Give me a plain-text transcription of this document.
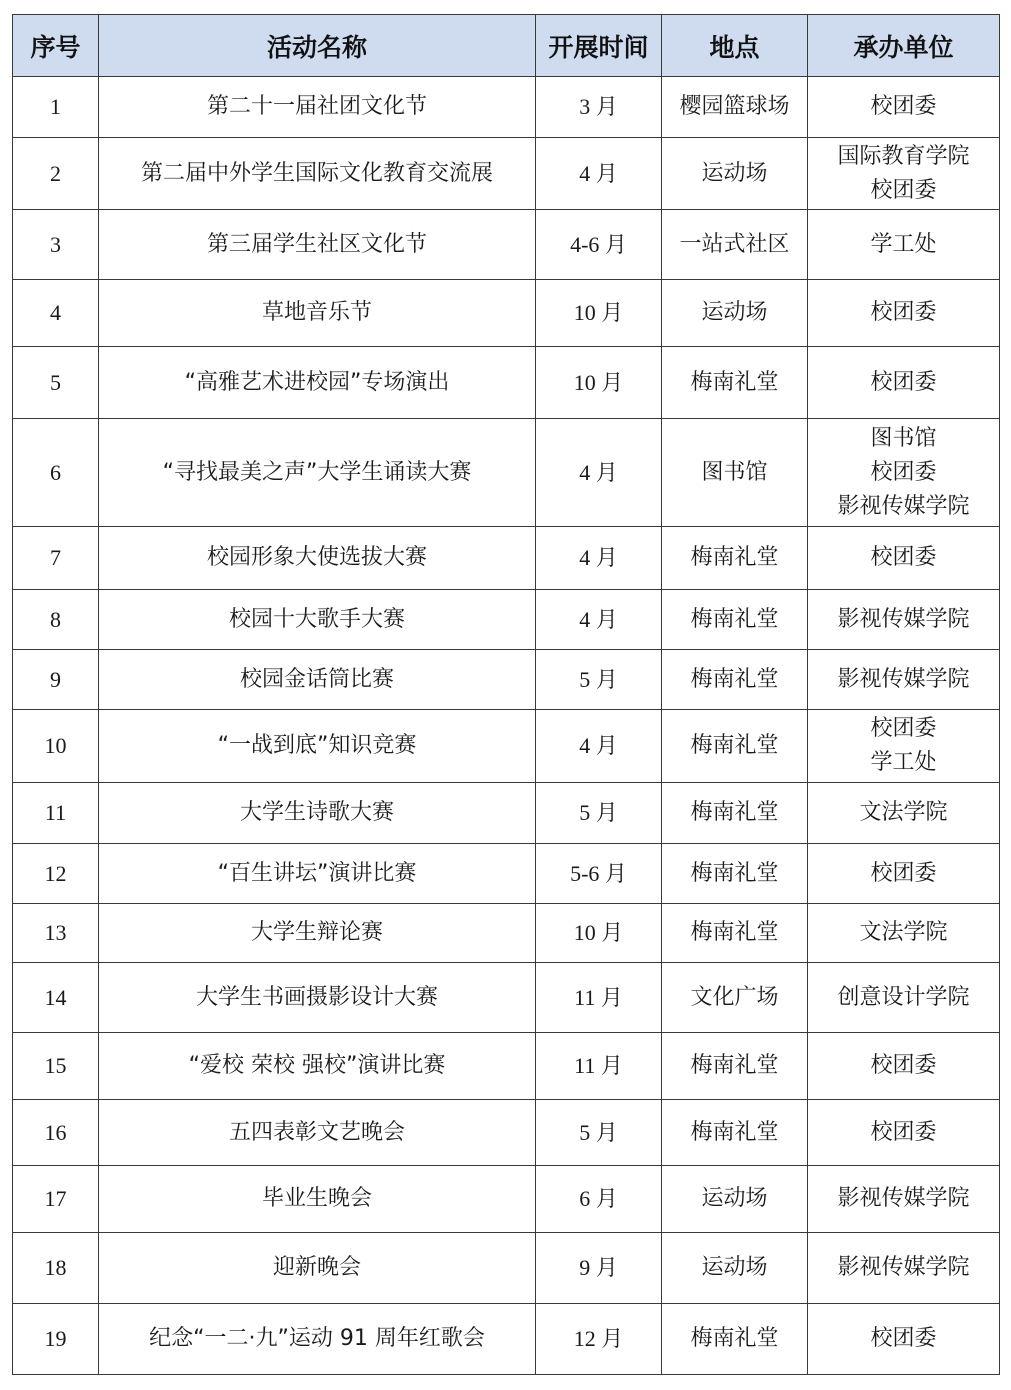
序号	活动名称	开展时间	地点	承办单位
1	第二十一届社团文化节	3 月	樱园篮球场	校团委

2	第二届中外学生国际文化教育交流展	4 月	运动场	国际教育学院
校团委

3	第三届学生社区文化节	4-6 月	一站式社区	学工处

4	草地音乐节	10 月	运动场	校团委

5	“高雅艺术进校园”专场演出	10 月	梅南礼堂	校团委

6	“寻找最美之声”大学生诵读大赛	4 月	图书馆	图书馆
校团委
影视传媒学院

7	校园形象大使选拔大赛	4 月	梅南礼堂	校团委

8	校园十大歌手大赛	4 月	梅南礼堂	影视传媒学院

9	校园金话筒比赛	5 月	梅南礼堂	影视传媒学院

10	“一战到底”知识竞赛	4 月	梅南礼堂	校团委
学工处

11	大学生诗歌大赛	5 月	梅南礼堂	文法学院

12	“百生讲坛”演讲比赛	5-6 月	梅南礼堂	校团委

13	大学生辩论赛	10 月	梅南礼堂	文法学院

14	大学生书画摄影设计大赛	11 月	文化广场	创意设计学院

15	“爱校 荣校 强校”演讲比赛	11 月	梅南礼堂	校团委

16	五四表彰文艺晚会	5 月	梅南礼堂	校团委

17	毕业生晚会	6 月	运动场	影视传媒学院

18	迎新晚会	9 月	运动场	影视传媒学院

19	纪念“一二·九”运动 91 周年红歌会	12 月	梅南礼堂	校团委
